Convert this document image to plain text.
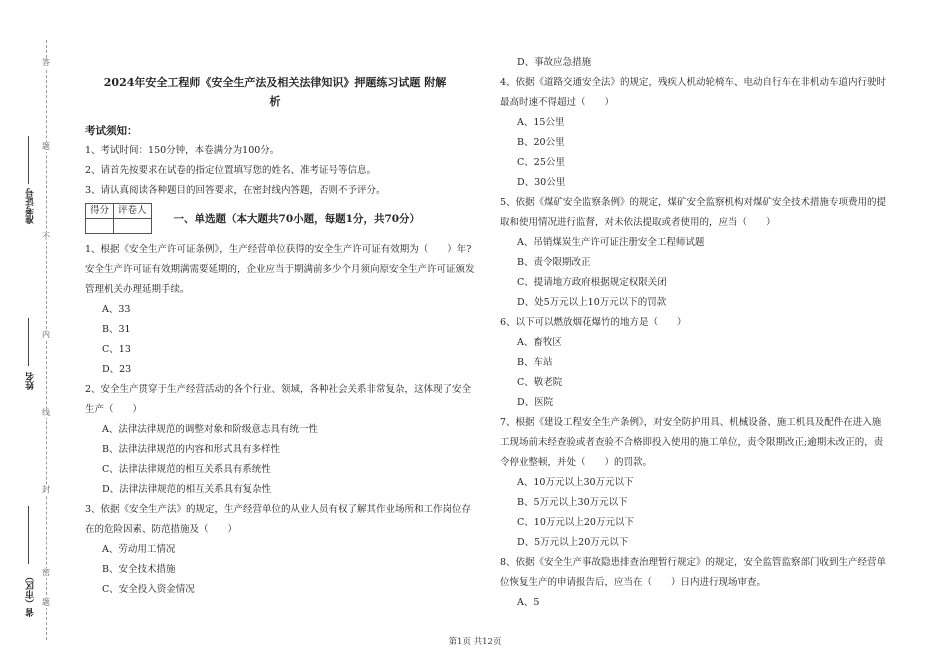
答
题
不
内
线
封
密
题
准考证号
姓名
省（市区）
2024年安全工程师《安全生产法及相关法律知识》押题练习试题 附解
析
考试须知：

1、考试时间：150分钟，本卷满分为100分。

2、请首先按要求在试卷的指定位置填写您的姓名、准考证号等信息。

3、请认真阅读各种题目的回答要求，在密封线内答题，否则不予评分。

得分	评卷人

一、单选题（本大题共70小题，每题1分，共70分）

1、根据《安全生产许可证条例》，生产经营单位获得的安全生产许可证有效期为（　　）年?

安全生产许可证有效期满需要延期的，企业应当于期满前多少个月须向原安全生产许可证颁发

管理机关办理延期手续。

A、33

B、31

C、13

D、23

2、安全生产贯穿于生产经营活动的各个行业、领域，各种社会关系非常复杂，这体现了安全

生产（　　）

A、法律法律规范的调整对象和阶级意志具有统一性

B、法律法律规范的内容和形式具有多样性

C、法律法律规范的相互关系具有系统性

D、法律法律规范的相互关系具有复杂性

3、依据《安全生产法》的规定，生产经营单位的从业人员有权了解其作业场所和工作岗位存

在的危险因素、防范措施及（　　）

A、劳动用工情况

B、安全技术措施

C、安全投入资金情况

D、事故应急措施

4、依据《道路交通安全法》的规定，残疾人机动轮椅车、电动自行车在非机动车道内行驶时

最高时速不得超过（　　）

A、15公里

B、20公里

C、25公里

D、30公里

5、依据《煤矿安全监察条例》的规定，煤矿安全监察机构对煤矿安全技术措施专项费用的提

取和使用情况进行监督，对未依法提取或者使用的，应当（　　）

A、吊销煤炭生产许可证注册安全工程师试题

B、责令限期改正

C、提请地方政府根据规定权限关闭

D、处5万元以上10万元以下的罚款

6、以下可以燃放烟花爆竹的地方是（　　）

A、畜牧区

B、车站

C、敬老院

D、医院

7、根据《建设工程安全生产条例》，对安全防护用具、机械设备、施工机具及配件在进入施

工现场前未经查验或者查验不合格即投入使用的施工单位，责令限期改正;逾期未改正的，责

令停业整顿，并处（　　）的罚款。

A、10万元以上30万元以下

B、5万元以上30万元以下

C、10万元以上20万元以下

D、5万元以上20万元以下

8、依据《安全生产事故隐患排查治理暂行规定》的规定，安全监管监察部门收到生产经营单

位恢复生产的申请报告后，应当在（　　）日内进行现场审查。

A、5

第1页 共12页
